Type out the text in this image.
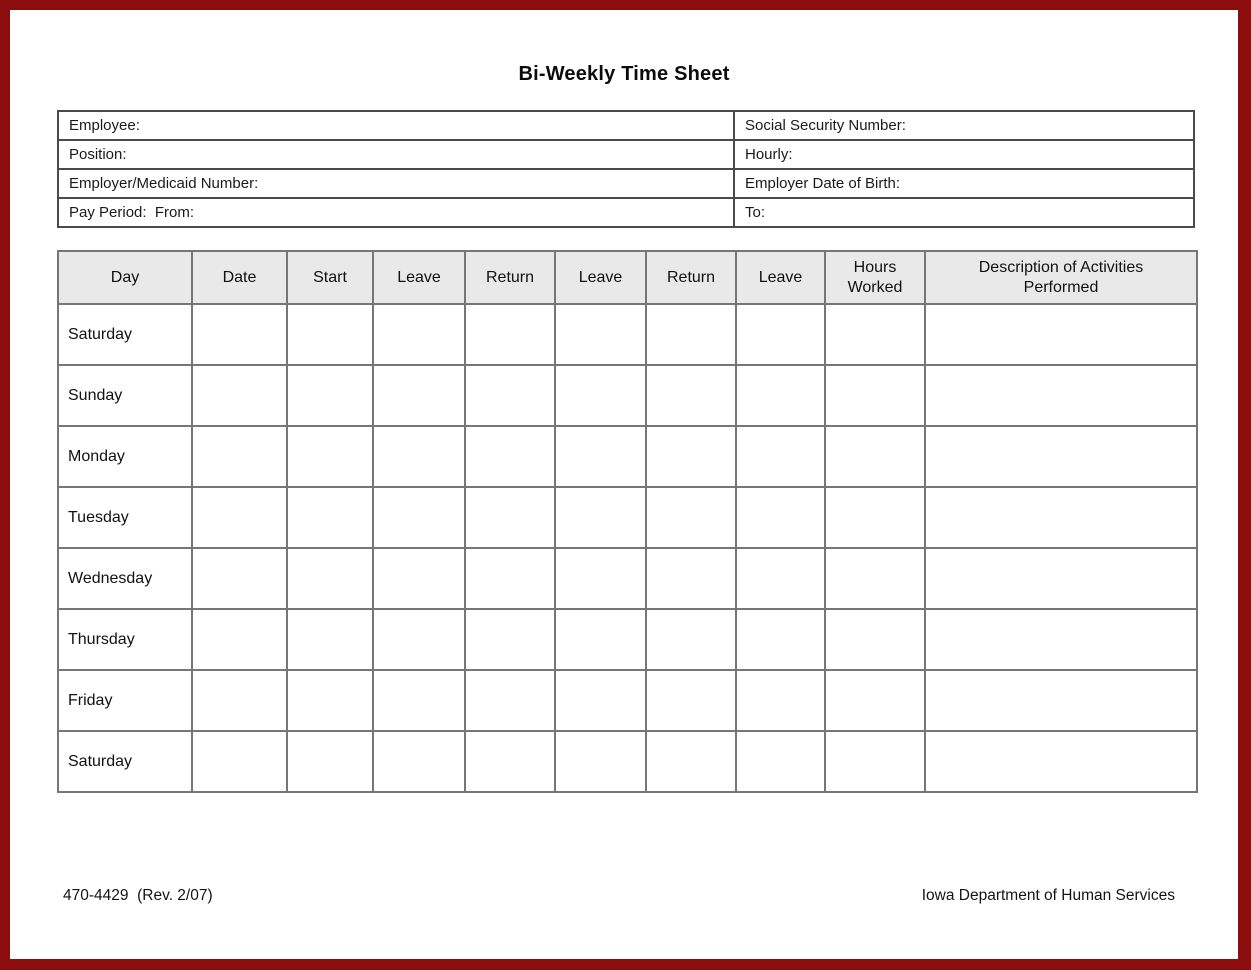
Bi-Weekly Time Sheet
Employee:	Social Security Number:
Position:	Hourly:
Employer/Medicaid Number:	Employer Date of Birth:
Pay Period:  From:	To:
Day	Date	Start	Leave	Return	Leave	Return	Leave	Hours Worked	Description of Activities Performed
Saturday									
Sunday									
Monday									
Tuesday									
Wednesday									
Thursday									
Friday									
Saturday									
470-4429  (Rev. 2/07)	Iowa Department of Human Services
